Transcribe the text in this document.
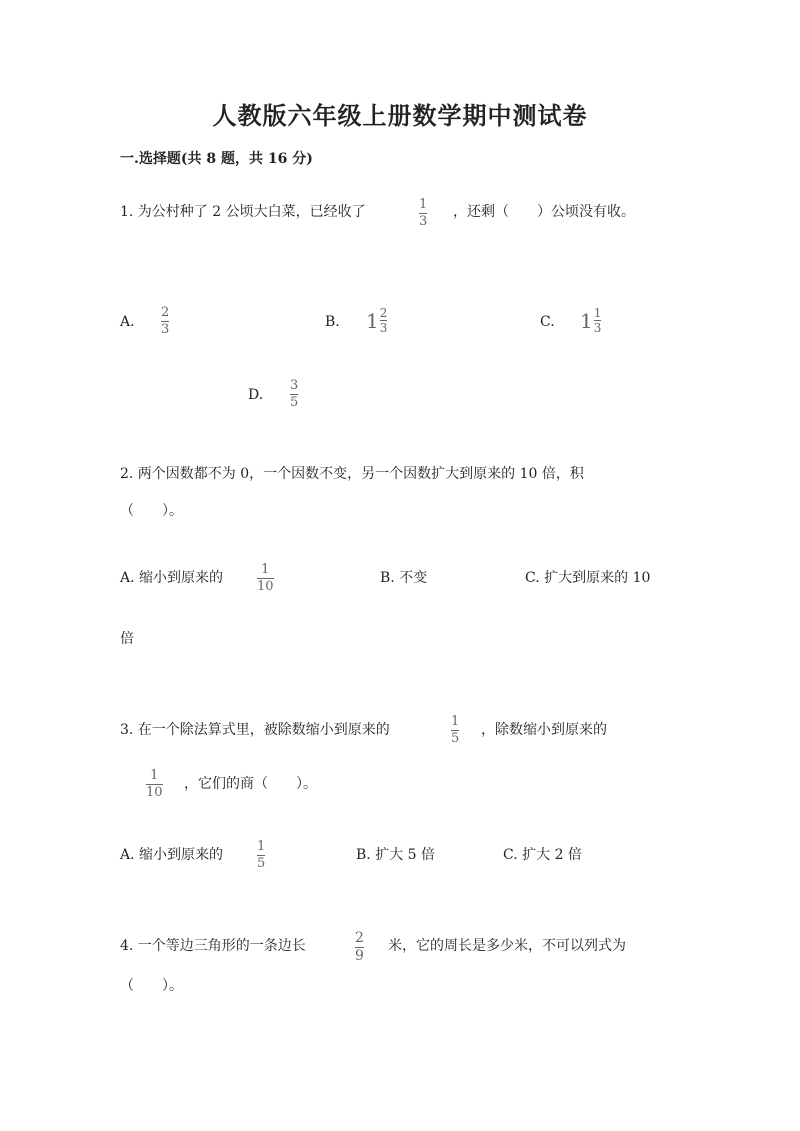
人教版六年级上册数学期中测试卷
一.选择题(共 8 题，共 16 分)
1. 为公村种了 2 公顷大白菜，已经收了	1
3
，还剩（　　）公顷没有收。
A.
2
3	B. $1 \frac{2}{3}$	C. $1 \frac{1}{3}$
D.
3
5
2. 两个因数都不为 0，一个因数不变，另一个因数扩大到原来的 10 倍，积
（　　）。
A. 缩小到原来的
1
10
B. 不变	C. 扩大到原来的 10
倍
3. 在一个除法算式里，被除数缩小到原来的
1
5
，除数缩小到原来的
1
10
，它们的商（　　）。
A. 缩小到原来的
1
5
B. 扩大 5 倍	C. 扩大 2 倍
4. 一个等边三角形的一条边长	2
9
米，它的周长是多少米，不可以列式为
（　　）。
